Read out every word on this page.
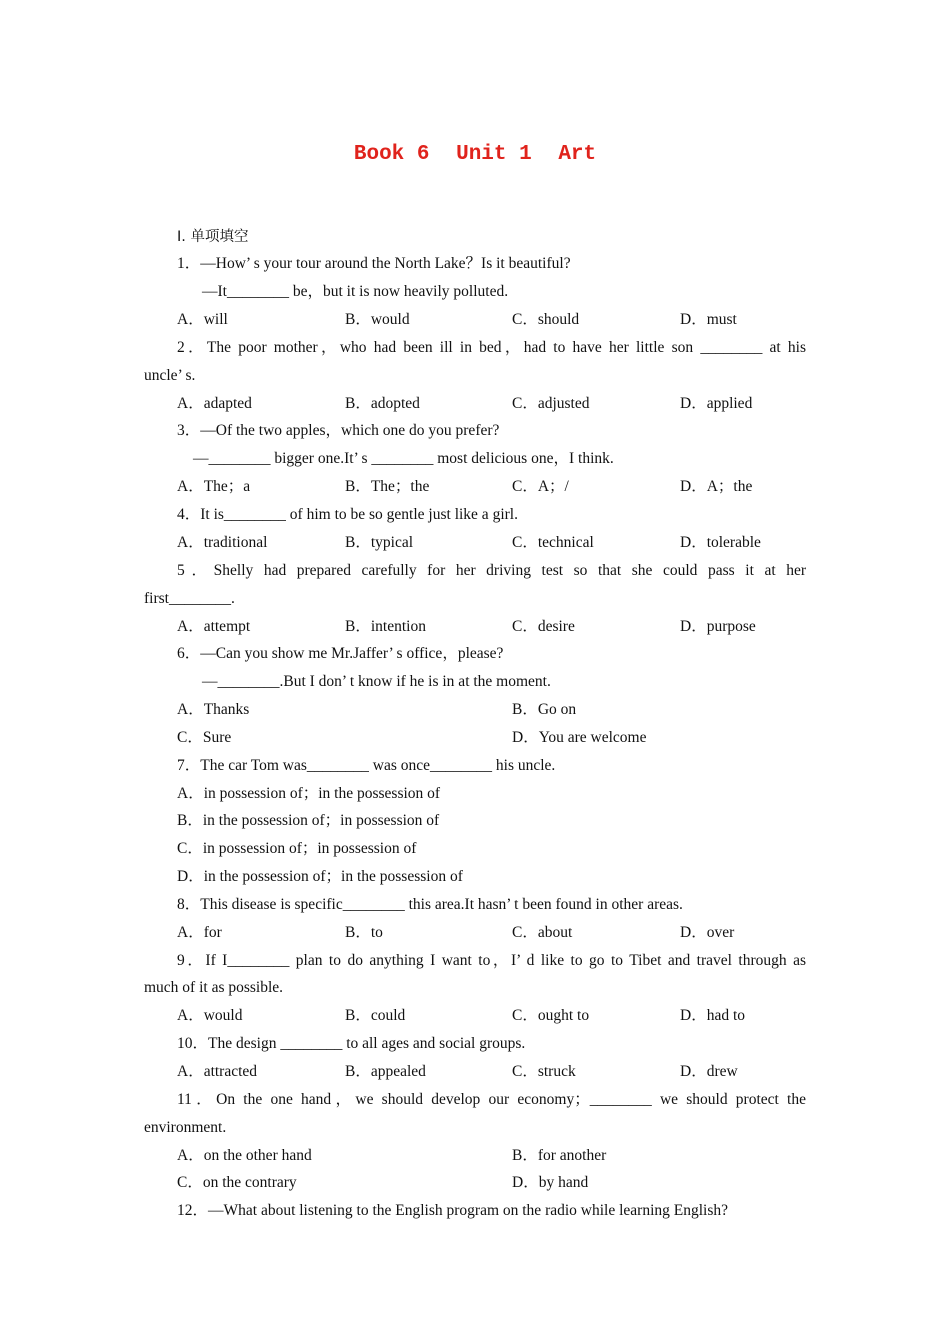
Book 6 Unit 1 Art
Ⅰ. 单项填空
1．—How’ s your tour around the North Lake？Is it beautiful?
—It________ be，but it is now heavily polluted.
A．will	B．would	C．should	D．must
2．The poor mother，who had been ill in bed，had to have her little son ________ at his
uncle’ s.
A．adapted	B．adopted	C．adjusted	D．applied
3．—Of the two apples，which one do you prefer?
—________ bigger one.It’ s ________ most delicious one，I think.
A．The；a	B．The；the	C．A；/	D．A；the
4．It is________ of him to be so gentle just like a girl.
A．traditional	B．typical	C．technical	D．tolerable
5．Shelly had prepared carefully for her driving test so that she could pass it at her
first________.
A．attempt	B．intention	C．desire	D．purpose
6．—Can you show me Mr.Jaffer’ s office，please?
—________.But I don’ t know if he is in at the moment.
A．Thanks	B．Go on
C．Sure	D．You are welcome
7．The car Tom was________ was once________ his uncle.
A．in possession of；in the possession of
B．in the possession of；in possession of
C．in possession of；in possession of
D．in the possession of；in the possession of
8．This disease is specific________ this area.It hasn’ t been found in other areas.
A．for	B．to	C．about	D．over
9．If I________ plan to do anything I want to，I’ d like to go to Tibet and travel through as
much of it as possible.
A．would	B．could	C．ought to	D．had to
10．The design ________ to all ages and social groups.
A．attracted	B．appealed	C．struck	D．drew
11．On the one hand，we should develop our economy；________ we should protect the
environment.
A．on the other hand	B．for another
C．on the contrary	D．by hand
12．—What about listening to the English program on the radio while learning English?
